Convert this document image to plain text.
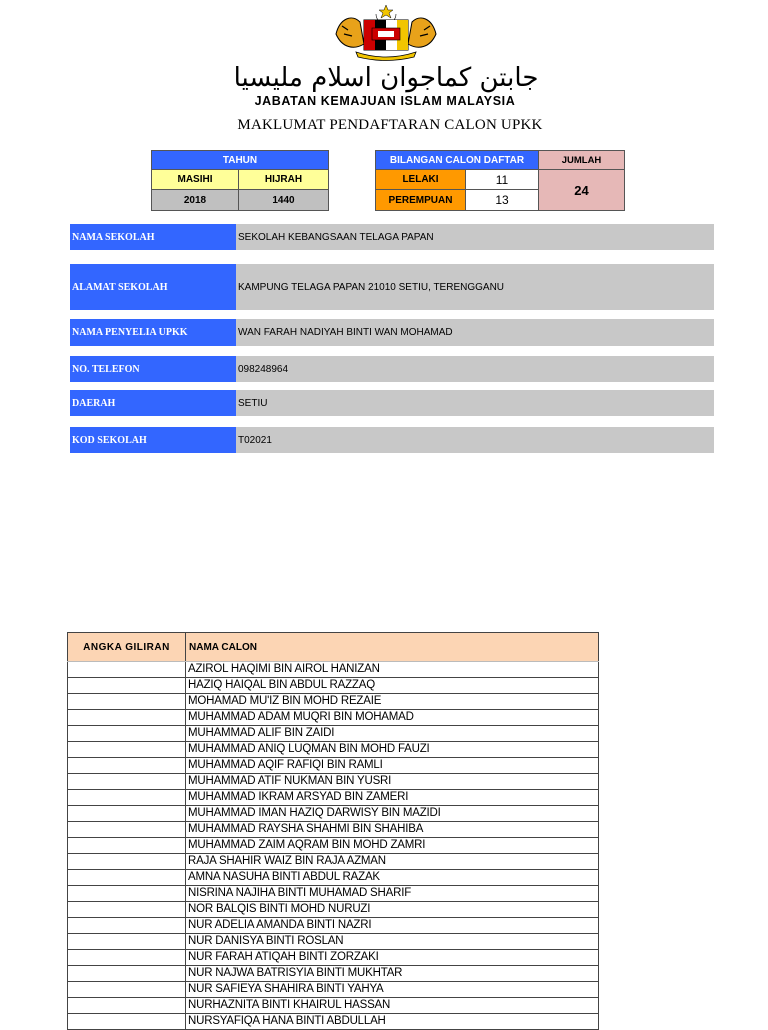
جابتن کماجوان اسلام مليسيا
JABATAN KEMAJUAN ISLAM MALAYSIA
MAKLUMAT PENDAFTARAN CALON UPKK
TAHUN
MASIHI	HIJRAH
2018	1440
BILANGAN CALON DAFTAR	JUMLAH
LELAKI	11
PEREMPUAN	13
24
NAMA SEKOLAH	SEKOLAH KEBANGSAAN TELAGA PAPAN
ALAMAT SEKOLAH	KAMPUNG TELAGA PAPAN 21010 SETIU, TERENGGANU
NAMA PENYELIA UPKK	WAN FARAH NADIYAH BINTI WAN MOHAMAD
NO. TELEFON	098248964
DAERAH	SETIU
KOD SEKOLAH	T02021
ANGKA GILIRAN	NAMA CALON
	AZIROL HAQIMI BIN AIROL HANIZAN
	HAZIQ HAIQAL BIN ABDUL RAZZAQ
	MOHAMAD MU'IZ BIN MOHD REZAIE
	MUHAMMAD ADAM MUQRI BIN MOHAMAD
	MUHAMMAD ALIF BIN ZAIDI
	MUHAMMAD ANIQ LUQMAN BIN MOHD FAUZI
	MUHAMMAD AQIF RAFIQI BIN RAMLI
	MUHAMMAD ATIF NUKMAN BIN YUSRI
	MUHAMMAD IKRAM ARSYAD BIN ZAMERI
	MUHAMMAD IMAN HAZIQ DARWISY BIN MAZIDI
	MUHAMMAD RAYSHA SHAHMI BIN SHAHIBA
	MUHAMMAD ZAIM AQRAM BIN MOHD ZAMRI
	RAJA SHAHIR WAIZ BIN RAJA AZMAN
	AMNA NASUHA BINTI ABDUL RAZAK
	NISRINA NAJIHA BINTI MUHAMAD SHARIF
	NOR BALQIS BINTI MOHD NURUZI
	NUR ADELIA AMANDA BINTI NAZRI
	NUR DANISYA BINTI ROSLAN
	NUR FARAH ATIQAH BINTI ZORZAKI
	NUR NAJWA BATRISYIA BINTI MUKHTAR
	NUR SAFIEYA SHAHIRA BINTI YAHYA
	NURHAZNITA BINTI KHAIRUL HASSAN
	NURSYAFIQA HANA BINTI ABDULLAH
